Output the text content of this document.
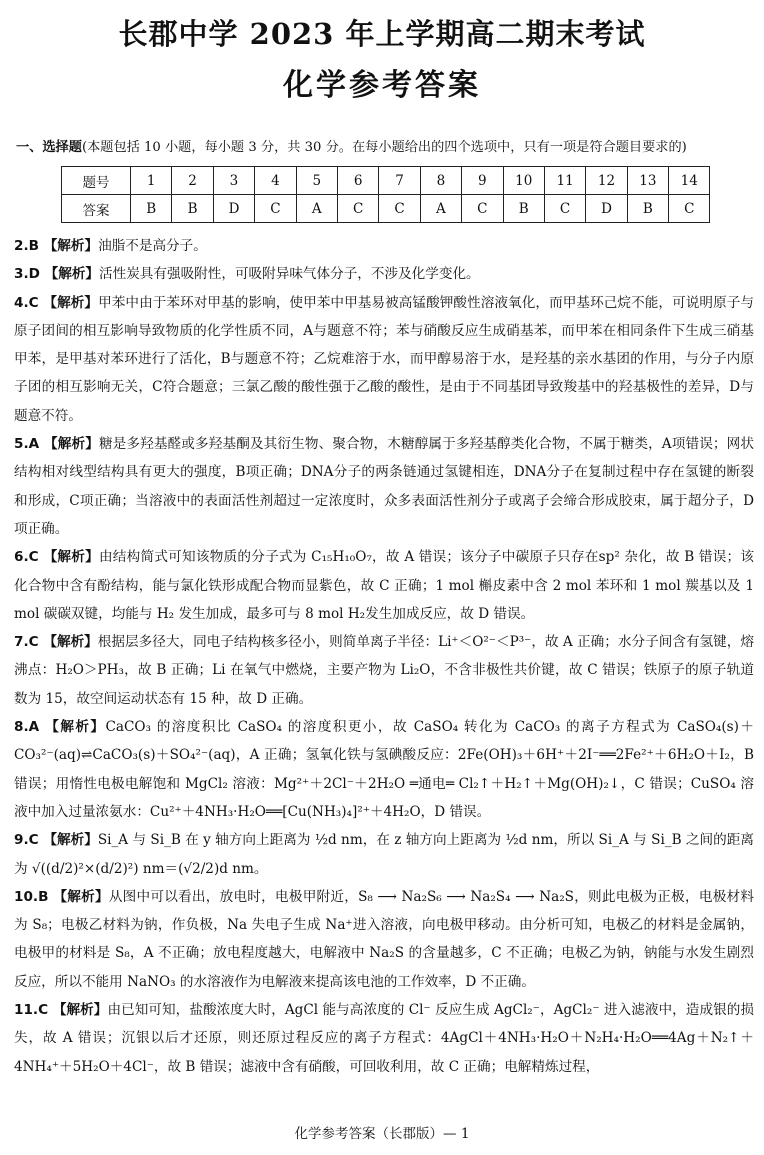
长郡中学 2023 年上学期高二期末考试
化学参考答案
一、选择题(本题包括 10 小题，每小题 3 分，共 30 分。在每小题给出的四个选项中，只有一项是符合题目要求的)
题号	1	2	3	4	5	6	7	8	9	10	11	12	13	14
答案	B	B	D	C	A	C	C	A	C	B	C	D	B	C
2.B 【解析】油脂不是高分子。
3.D 【解析】活性炭具有强吸附性，可吸附异味气体分子，不涉及化学变化。
4.C 【解析】甲苯中由于苯环对甲基的影响，使甲苯中甲基易被高锰酸钾酸性溶液氧化，而甲基环己烷不能，可说明原子与原子团间的相互影响导致物质的化学性质不同，A与题意不符；苯与硝酸反应生成硝基苯，而甲苯在相同条件下生成三硝基甲苯，是甲基对苯环进行了活化，B与题意不符；乙烷难溶于水，而甲醇易溶于水，是羟基的亲水基团的作用，与分子内原子团的相互影响无关，C符合题意；三氯乙酸的酸性强于乙酸的酸性，是由于不同基团导致羧基中的羟基极性的差异，D与题意不符。
5.A 【解析】糖是多羟基醛或多羟基酮及其衍生物、聚合物，木糖醇属于多羟基醇类化合物，不属于糖类，A项错误；网状结构相对线型结构具有更大的强度，B项正确；DNA分子的两条链通过氢键相连，DNA分子在复制过程中存在氢键的断裂和形成，C项正确；当溶液中的表面活性剂超过一定浓度时，众多表面活性剂分子或离子会缔合形成胶束，属于超分子，D项正确。
6.C 【解析】由结构简式可知该物质的分子式为 C₁₅H₁₀O₇，故 A 错误；该分子中碳原子只存在sp² 杂化，故 B 错误；该化合物中含有酚结构，能与氯化铁形成配合物而显紫色，故 C 正确；1 mol 槲皮素中含 2 mol 苯环和 1 mol 羰基以及 1 mol 碳碳双键，均能与 H₂ 发生加成，最多可与 8 mol H₂发生加成反应，故 D 错误。
7.C 【解析】根据层多径大，同电子结构核多径小，则简单离子半径：Li⁺＜O²⁻＜P³⁻，故 A 正确；水分子间含有氢键，熔沸点：H₂O＞PH₃，故 B 正确；Li 在氧气中燃烧，主要产物为 Li₂O，不含非极性共价键，故 C 错误；铁原子的原子轨道数为 15，故空间运动状态有 15 种，故 D 正确。
8.A 【解析】CaCO₃ 的溶度积比 CaSO₄ 的溶度积更小，故 CaSO₄ 转化为 CaCO₃ 的离子方程式为 CaSO₄(s)＋CO₃²⁻(aq)⇌CaCO₃(s)＋SO₄²⁻(aq)，A 正确；氢氧化铁与氢碘酸反应：2Fe(OH)₃＋6H⁺＋2I⁻══2Fe²⁺＋6H₂O＋I₂，B 错误；用惰性电极电解饱和 MgCl₂ 溶液：Mg²⁺＋2Cl⁻＋2H₂O ═通电═ Cl₂↑＋H₂↑＋Mg(OH)₂↓，C 错误；CuSO₄ 溶液中加入过量浓氨水：Cu²⁺＋4NH₃·H₂O══[Cu(NH₃)₄]²⁺＋4H₂O，D 错误。
9.C 【解析】Si_A 与 Si_B 在 y 轴方向上距离为 ½d nm，在 z 轴方向上距离为 ½d nm，所以 Si_A 与 Si_B 之间的距离为 √((d/2)²×(d/2)²) nm＝(√2/2)d nm。
10.B 【解析】从图中可以看出，放电时，电极甲附近，S₈ ⟶ Na₂S₆ ⟶ Na₂S₄ ⟶ Na₂S，则此电极为正极，电极材料为 S₈；电极乙材料为钠，作负极，Na 失电子生成 Na⁺进入溶液，向电极甲移动。由分析可知，电极乙的材料是金属钠，电极甲的材料是 S₈，A 不正确；放电程度越大，电解液中 Na₂S 的含量越多，C 不正确；电极乙为钠，钠能与水发生剧烈反应，所以不能用 NaNO₃ 的水溶液作为电解液来提高该电池的工作效率，D 不正确。
11.C 【解析】由已知可知，盐酸浓度大时，AgCl 能与高浓度的 Cl⁻ 反应生成 AgCl₂⁻，AgCl₂⁻ 进入滤液中，造成银的损失，故 A 错误；沉银以后才还原，则还原过程反应的离子方程式：4AgCl＋4NH₃·H₂O＋N₂H₄·H₂O══4Ag＋N₂↑＋4NH₄⁺＋5H₂O＋4Cl⁻，故 B 错误；滤液中含有硝酸，可回收利用，故 C 正确；电解精炼过程，
化学参考答案（长郡版）— 1
